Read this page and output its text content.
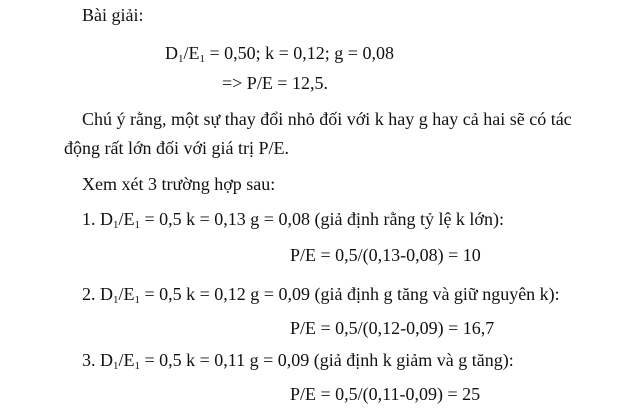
Bài giải:
$D_1/E_1 = 0,50$; k = 0,12; g = 0,08
=> P/E = 12,5.
Chú ý rằng, một sự thay đổi nhỏ đối với k hay g hay cả hai sẽ có tác
động rất lớn đối với giá trị P/E.
Xem xét 3 trường hợp sau:
1. $D_1/E_1 = 0,5$ k = 0,13 g = 0,08 (giả định rằng tỷ lệ k lớn):
P/E = 0,5/(0,13-0,08) = 10
2. $D_1/E_1 = 0,5$ k = 0,12 g = 0,09 (giả định g tăng và giữ nguyên k):
P/E = 0,5/(0,12-0,09) = 16,7
3. $D_1/E_1 = 0,5$ k = 0,11 g = 0,09 (giả định k giảm và g tăng):
P/E = 0,5/(0,11-0,09) = 25
